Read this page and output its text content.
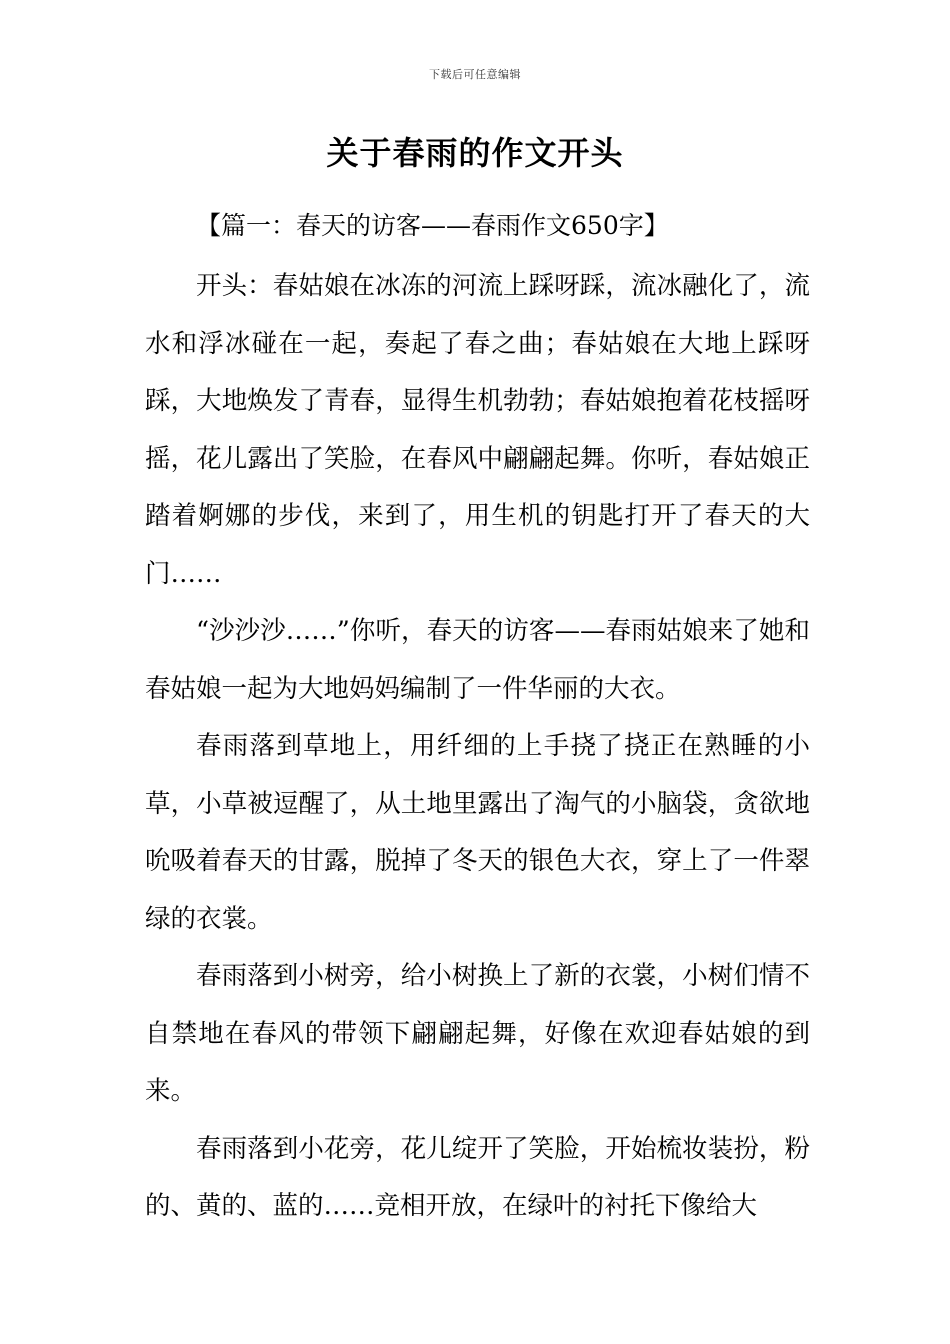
下载后可任意编辑
关于春雨的作文开头
【篇一：春天的访客——春雨作文650字】

开头：春姑娘在冰冻的河流上踩呀踩，流冰融化了，流水和浮冰碰在一起，奏起了春之曲；春姑娘在大地上踩呀踩，大地焕发了青春，显得生机勃勃；春姑娘抱着花枝摇呀摇，花儿露出了笑脸，在春风中翩翩起舞。你听，春姑娘正踏着婀娜的步伐，来到了，用生机的钥匙打开了春天的大门……

“沙沙沙……”你听，春天的访客——春雨姑娘来了她和春姑娘一起为大地妈妈编制了一件华丽的大衣。

春雨落到草地上，用纤细的上手挠了挠正在熟睡的小草，小草被逗醒了，从土地里露出了淘气的小脑袋，贪欲地吮吸着春天的甘露，脱掉了冬天的银色大衣，穿上了一件翠绿的衣裳。

春雨落到小树旁，给小树换上了新的衣裳，小树们情不自禁地在春风的带领下翩翩起舞，好像在欢迎春姑娘的到来。

春雨落到小花旁，花儿绽开了笑脸，开始梳妆装扮，粉的、黄的、蓝的……竞相开放，在绿叶的衬托下像给大
